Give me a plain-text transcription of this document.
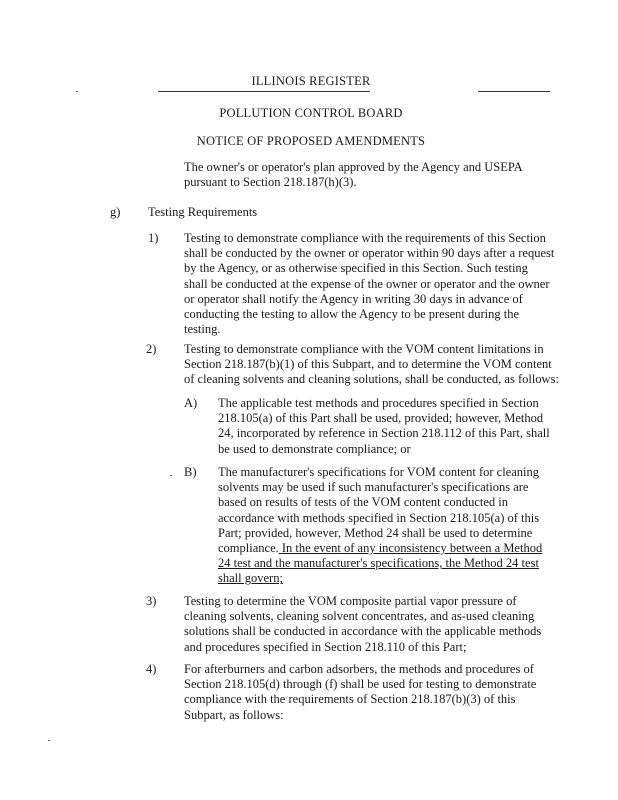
ILLINOIS REGISTER
POLLUTION CONTROL BOARD
NOTICE OF PROPOSED AMENDMENTS

The owner's or operator's plan approved by the Agency and USEPA
pursuant to Section 218.187(h)(3).

g) Testing Requirements
1) Testing to demonstrate compliance with the requirements of this Section
shall be conducted by the owner or operator within 90 days after a request
by the Agency, or as otherwise specified in this Section. Such testing
shall be conducted at the expense of the owner or operator and the owner
or operator shall notify the Agency in writing 30 days in advance of
conducting the testing to allow the Agency to be present during the
testing.

2) Testing to demonstrate compliance with the VOM content limitations in
Section 218.187(b)(1) of this Subpart, and to determine the VOM content
of cleaning solvents and cleaning solutions, shall be conducted, as follows:

A) The applicable test methods and procedures specified in Section
218.105(a) of this Part shall be used, provided; however, Method
24, incorporated by reference in Section 218.112 of this Part, shall
be used to demonstrate compliance; or

B) The manufacturer's specifications for VOM content for cleaning
solvents may be used if such manufacturer's specifications are
based on results of tests of the VOM content conducted in
accordance with methods specified in Section 218.105(a) of this
Part; provided, however, Method 24 shall be used to determine
compliance. In the event of any inconsistency between a Method
24 test and the manufacturer's specifications, the Method 24 test
shall govern;

3) Testing to determine the VOM composite partial vapor pressure of
cleaning solvents, cleaning solvent concentrates, and as-used cleaning
solutions shall be conducted in accordance with the applicable methods
and procedures specified in Section 218.110 of this Part;

4) For afterburners and carbon adsorbers, the methods and procedures of
Section 218.105(d) through (f) shall be used for testing to demonstrate
compliance with the requirements of Section 218.187(b)(3) of this
Subpart, as follows:
